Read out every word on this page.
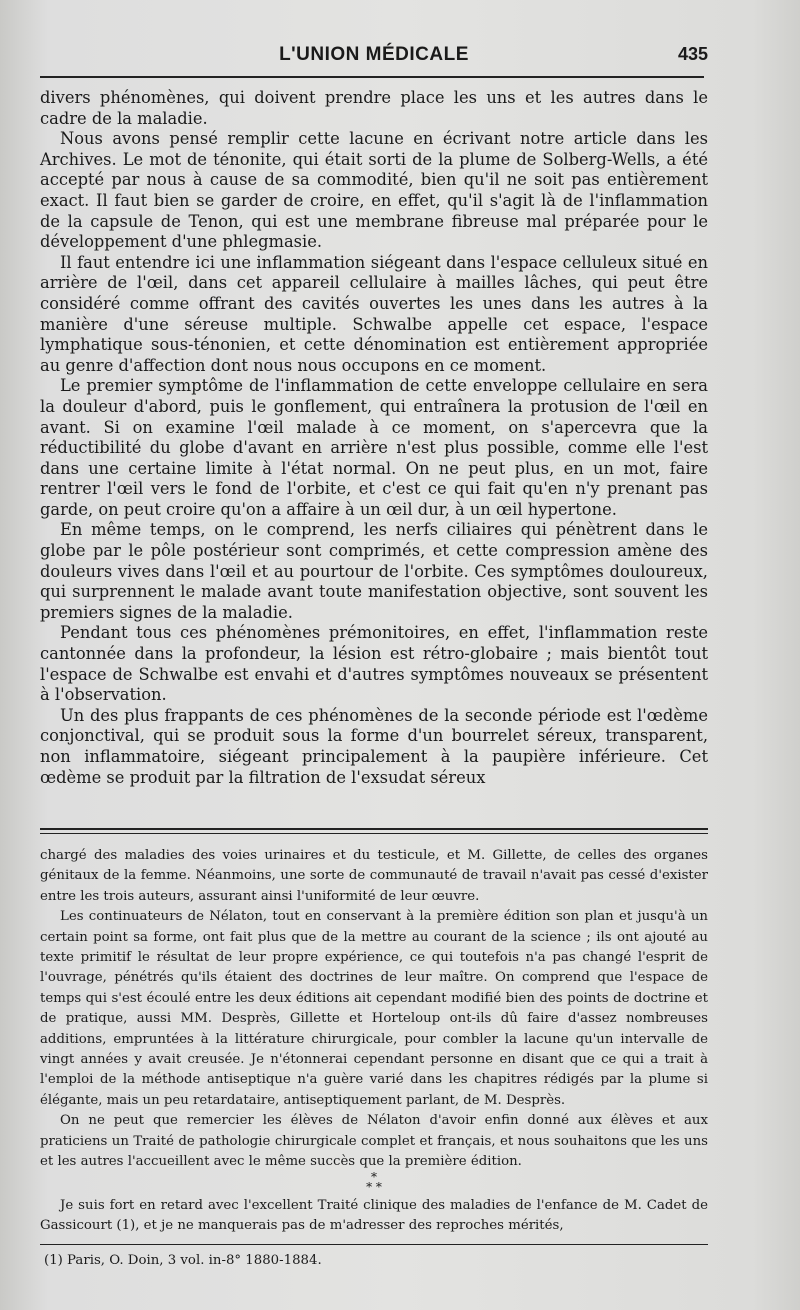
L'UNION MÉDICALE	435

divers phénomènes, qui doivent prendre place les uns et les autres dans le cadre de la maladie.

Nous avons pensé remplir cette lacune en écrivant notre article dans les Archives. Le mot de ténonite, qui était sorti de la plume de Solberg-Wells, a été accepté par nous à cause de sa commodité, bien qu'il ne soit pas entièrement exact. Il faut bien se garder de croire, en effet, qu'il s'agit là de l'inflammation de la capsule de Tenon, qui est une membrane fibreuse mal préparée pour le développement d'une phlegmasie.

Il faut entendre ici une inflammation siégeant dans l'espace celluleux situé en arrière de l'œil, dans cet appareil cellulaire à mailles lâches, qui peut être considéré comme offrant des cavités ouvertes les unes dans les autres à la manière d'une séreuse multiple. Schwalbe appelle cet espace, l'espace lymphatique sous-ténonien, et cette dénomination est entièrement appropriée au genre d'affection dont nous nous occupons en ce moment.

Le premier symptôme de l'inflammation de cette enveloppe cellulaire en sera la douleur d'abord, puis le gonflement, qui entraînera la protusion de l'œil en avant. Si on examine l'œil malade à ce moment, on s'apercevra que la réductibilité du globe d'avant en arrière n'est plus possible, comme elle l'est dans une certaine limite à l'état normal. On ne peut plus, en un mot, faire rentrer l'œil vers le fond de l'orbite, et c'est ce qui fait qu'en n'y prenant pas garde, on peut croire qu'on a affaire à un œil dur, à un œil hypertone.

En même temps, on le comprend, les nerfs ciliaires qui pénètrent dans le globe par le pôle postérieur sont comprimés, et cette compression amène des douleurs vives dans l'œil et au pourtour de l'orbite. Ces symptômes douloureux, qui surprennent le malade avant toute manifestation objective, sont souvent les premiers signes de la maladie.

Pendant tous ces phénomènes prémonitoires, en effet, l'inflammation reste cantonnée dans la profondeur, la lésion est rétro-globaire ; mais bientôt tout l'espace de Schwalbe est envahi et d'autres symptômes nouveaux se présentent à l'observation.

Un des plus frappants de ces phénomènes de la seconde période est l'œdème conjonctival, qui se produit sous la forme d'un bourrelet séreux, transparent, non inflammatoire, siégeant principalement à la paupière inférieure. Cet œdème se produit par la filtration de l'exsudat séreux

chargé des maladies des voies urinaires et du testicule, et M. Gillette, de celles des organes génitaux de la femme. Néanmoins, une sorte de communauté de travail n'avait pas cessé d'exister entre les trois auteurs, assurant ainsi l'uniformité de leur œuvre.

Les continuateurs de Nélaton, tout en conservant à la première édition son plan et jusqu'à un certain point sa forme, ont fait plus que de la mettre au courant de la science ; ils ont ajouté au texte primitif le résultat de leur propre expérience, ce qui toutefois n'a pas changé l'esprit de l'ouvrage, pénétrés qu'ils étaient des doctrines de leur maître. On comprend que l'espace de temps qui s'est écoulé entre les deux éditions ait cependant modifié bien des points de doctrine et de pratique, aussi MM. Desprès, Gillette et Horteloup ont-ils dû faire d'assez nombreuses additions, empruntées à la littérature chirurgicale, pour combler la lacune qu'un intervalle de vingt années y avait creusée. Je n'étonnerai cependant personne en disant que ce qui a trait à l'emploi de la méthode antiseptique n'a guère varié dans les chapitres rédigés par la plume si élégante, mais un peu retardataire, antiseptiquement parlant, de M. Desprès.

On ne peut que remercier les élèves de Nélaton d'avoir enfin donné aux élèves et aux praticiens un Traité de pathologie chirurgicale complet et français, et nous souhaitons que les uns et les autres l'accueillent avec le même succès que la première édition.

*
* *

Je suis fort en retard avec l'excellent Traité clinique des maladies de l'enfance de M. Cadet de Gassicourt (1), et je ne manquerais pas de m'adresser des reproches mérités,

(1) Paris, O. Doin, 3 vol. in-8° 1880-1884.
